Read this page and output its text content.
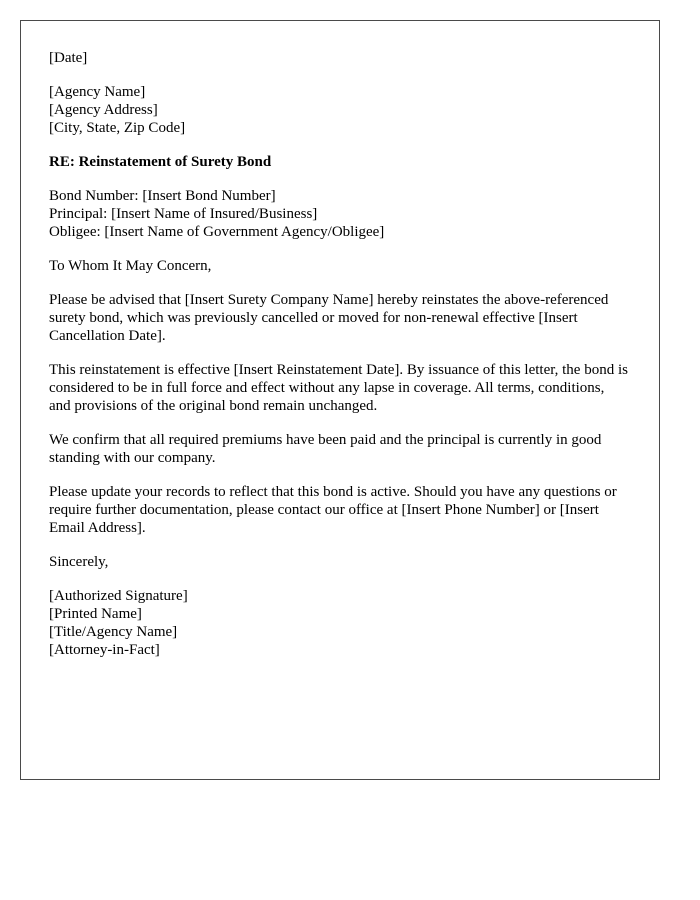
[Date]
[Agency Name]
[Agency Address]
[City, State, Zip Code]
RE: Reinstatement of Surety Bond
Bond Number: [Insert Bond Number]
Principal: [Insert Name of Insured/Business]
Obligee: [Insert Name of Government Agency/Obligee]
To Whom It May Concern,

Please be advised that [Insert Surety Company Name] hereby reinstates the above-referenced surety bond, which was previously cancelled or moved for non-renewal effective [Insert Cancellation Date].

This reinstatement is effective [Insert Reinstatement Date]. By issuance of this letter, the bond is considered to be in full force and effect without any lapse in coverage. All terms, conditions, and provisions of the original bond remain unchanged.

We confirm that all required premiums have been paid and the principal is currently in good standing with our company.

Please update your records to reflect that this bond is active. Should you have any questions or require further documentation, please contact our office at [Insert Phone Number] or [Insert Email Address].

Sincerely,
[Authorized Signature]
[Printed Name]
[Title/Agency Name]
[Attorney-in-Fact]
